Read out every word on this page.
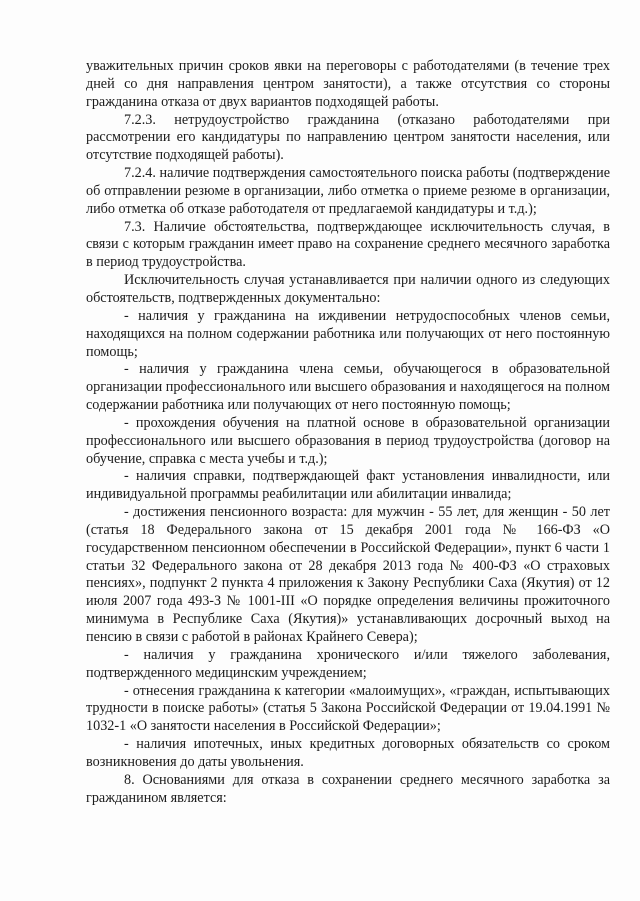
уважительных причин сроков явки на переговоры с работодателями (в течение трех дней со дня направления центром занятости), а также отсутствия со стороны гражданина отказа от двух вариантов подходящей работы.

7.2.3. нетрудоустройство гражданина (отказано работодателями при рассмотрении его кандидатуры по направлению центром занятости населения, или отсутствие подходящей работы).

7.2.4. наличие подтверждения самостоятельного поиска работы (подтверждение об отправлении резюме в организации, либо отметка о приеме резюме в организации, либо отметка об отказе работодателя от предлагаемой кандидатуры и т.д.);

7.3. Наличие обстоятельства, подтверждающее исключительность случая, в связи с которым гражданин имеет право на сохранение среднего месячного заработка в период трудоустройства.

Исключительность случая устанавливается при наличии одного из следующих обстоятельств, подтвержденных документально:

- наличия у гражданина на иждивении нетрудоспособных членов семьи, находящихся на полном содержании работника или получающих от него постоянную помощь;

- наличия у гражданина члена семьи, обучающегося в образовательной организации профессионального или высшего образования и находящегося на полном содержании работника или получающих от него постоянную помощь;

- прохождения обучения на платной основе в образовательной организации профессионального или высшего образования в период трудоустройства (договор на обучение, справка с места учебы и т.д.);

- наличия справки, подтверждающей факт установления инвалидности, или индивидуальной программы реабилитации или абилитации инвалида;

- достижения пенсионного возраста: для мужчин - 55 лет, для женщин - 50 лет (статья 18 Федерального закона от 15 декабря 2001 года № 166-ФЗ «О государственном пенсионном обеспечении в Российской Федерации», пункт 6 части 1 статьи 32 Федерального закона от 28 декабря 2013 года № 400-ФЗ «О страховых пенсиях», подпункт 2 пункта 4 приложения к Закону Республики Саха (Якутия) от 12 июля 2007 года 493-З № 1001-III «О порядке определения величины прожиточного минимума в Республике Саха (Якутия)» устанавливающих досрочный выход на пенсию в связи с работой в районах Крайнего Севера);

- наличия у гражданина хронического и/или тяжелого заболевания, подтвержденного медицинским учреждением;

- отнесения гражданина к категории «малоимущих», «граждан, испытывающих трудности в поиске работы» (статья 5 Закона Российской Федерации от 19.04.1991 № 1032-1 «О занятости населения в Российской Федерации»;

- наличия ипотечных, иных кредитных договорных обязательств со сроком возникновения до даты увольнения.

8. Основаниями для отказа в сохранении среднего месячного заработка за гражданином является:
